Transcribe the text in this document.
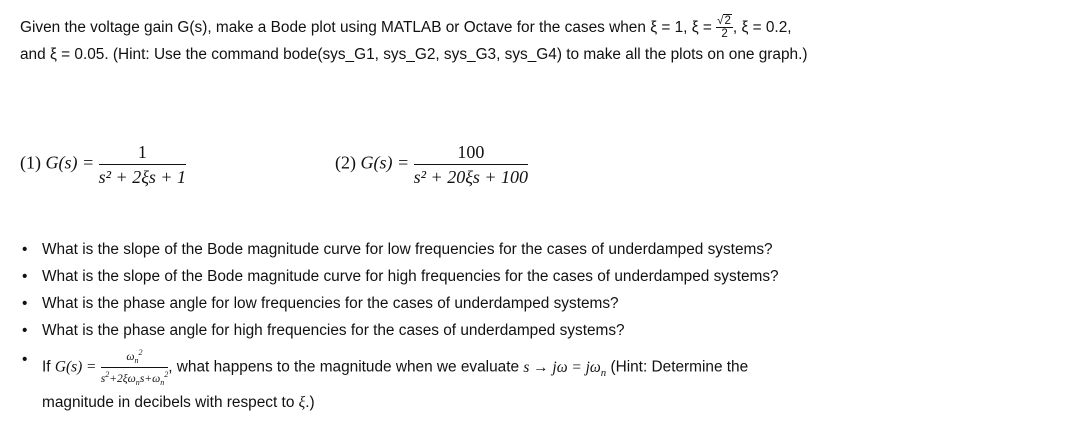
Given the voltage gain G(s), make a Bode plot using MATLAB or Octave for the cases when ξ = 1, $\xi = \frac{√2}{2}$ , ξ = 0.2,
and ξ = 0.05. (Hint: Use the command bode(sys_G1, sys_G2, sys_G3, sys_G4) to make all the plots on one graph.)
(1) $G(s) = \frac{1}{\text{s² + 2ξs + 1}}$	(2) $G(s) = \frac{100}{\text{s² + 20ξs + 100}}$
• What is the slope of the Bode magnitude curve for low frequencies for the cases of underdamped systems?
• What is the slope of the Bode magnitude curve for high frequencies for the cases of underdamped systems?
• What is the phase angle for low frequencies for the cases of underdamped systems?
• What is the phase angle for high frequencies for the cases of underdamped systems?
• If $G(s) = \frac{\omega_n^2}{s^2+2\xi\omega_ns+\omega_n^2}$ , what happens to the magnitude when we evaluate $s \to j\omega = j\omega_n$ (Hint: Determine the
magnitude in decibels with respect to ξ.)
